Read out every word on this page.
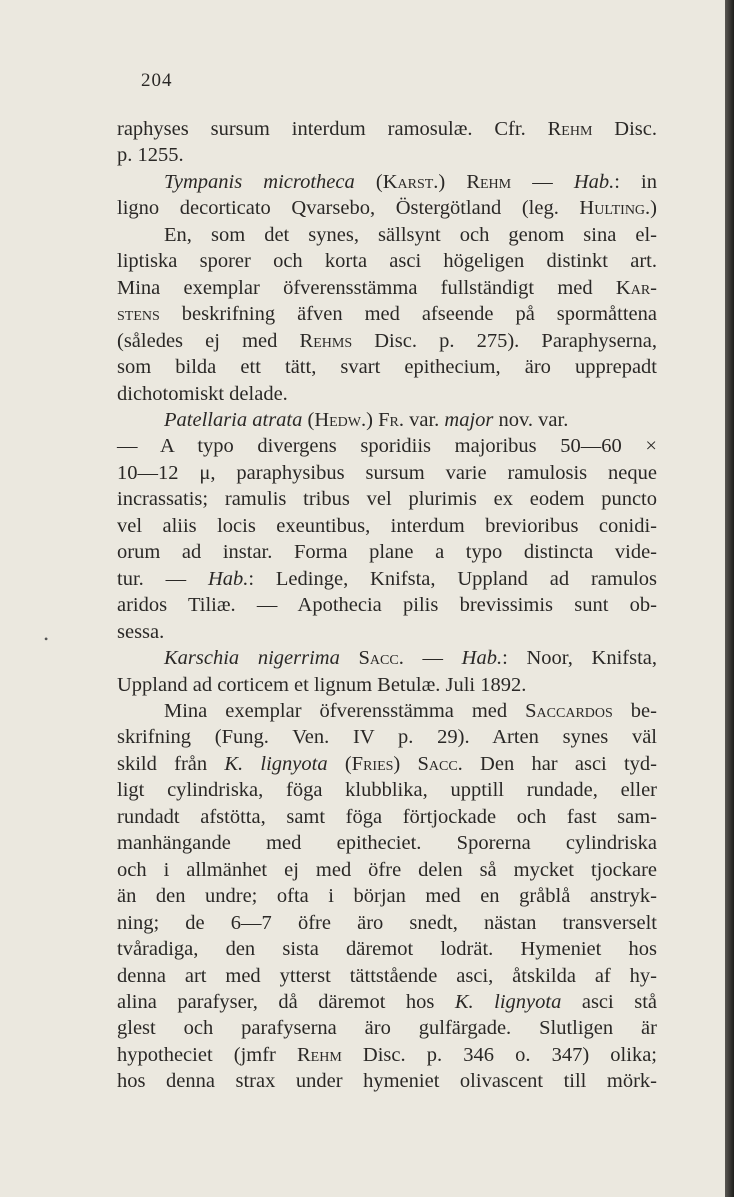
204
•
raphyses sursum interdum ramosulæ. Cfr. Rehm Disc.
p. 1255.
Tympanis microtheca (Karst.) Rehm — Hab.: in
ligno decorticato Qvarsebo, Östergötland (leg. Hulting.)
En, som det synes, sällsynt och genom sina el-
liptiska sporer och korta asci högeligen distinkt art.
Mina exemplar öfverensstämma fullständigt med Kar-
stens beskrifning äfven med afseende på spormåttena
(således ej med Rehms Disc. p. 275). Paraphyserna,
som bilda ett tätt, svart epithecium, äro upprepadt
dichotomiskt delade.
Patellaria atrata (Hedw.) Fr. var. major nov. var.
— A typo divergens sporidiis majoribus 50—60 ×
10—12 μ, paraphysibus sursum varie ramulosis neque
incrassatis; ramulis tribus vel plurimis ex eodem puncto
vel aliis locis exeuntibus, interdum brevioribus conidi-
orum ad instar. Forma plane a typo distincta vide-
tur. — Hab.: Ledinge, Knifsta, Uppland ad ramulos
aridos Tiliæ. — Apothecia pilis brevissimis sunt ob-
sessa.
Karschia nigerrima Sacc. — Hab.: Noor, Knifsta,
Uppland ad corticem et lignum Betulæ. Juli 1892.
Mina exemplar öfverensstämma med Saccardos be-
skrifning (Fung. Ven. IV p. 29). Arten synes väl
skild från K. lignyota (Fries) Sacc. Den har asci tyd-
ligt cylindriska, föga klubblika, upptill rundade, eller
rundadt afstötta, samt föga förtjockade och fast sam-
manhängande med epitheciet. Sporerna cylindriska
och i allmänhet ej med öfre delen så mycket tjockare
än den undre; ofta i början med en gråblå anstryk-
ning; de 6—7 öfre äro snedt, nästan transverselt
tvåradiga, den sista däremot lodrät. Hymeniet hos
denna art med ytterst tättstående asci, åtskilda af hy-
alina parafyser, då däremot hos K. lignyota asci stå
glest och parafyserna äro gulfärgade. Slutligen är
hypotheciet (jmfr Rehm Disc. p. 346 o. 347) olika;
hos denna strax under hymeniet olivascent till mörk-
